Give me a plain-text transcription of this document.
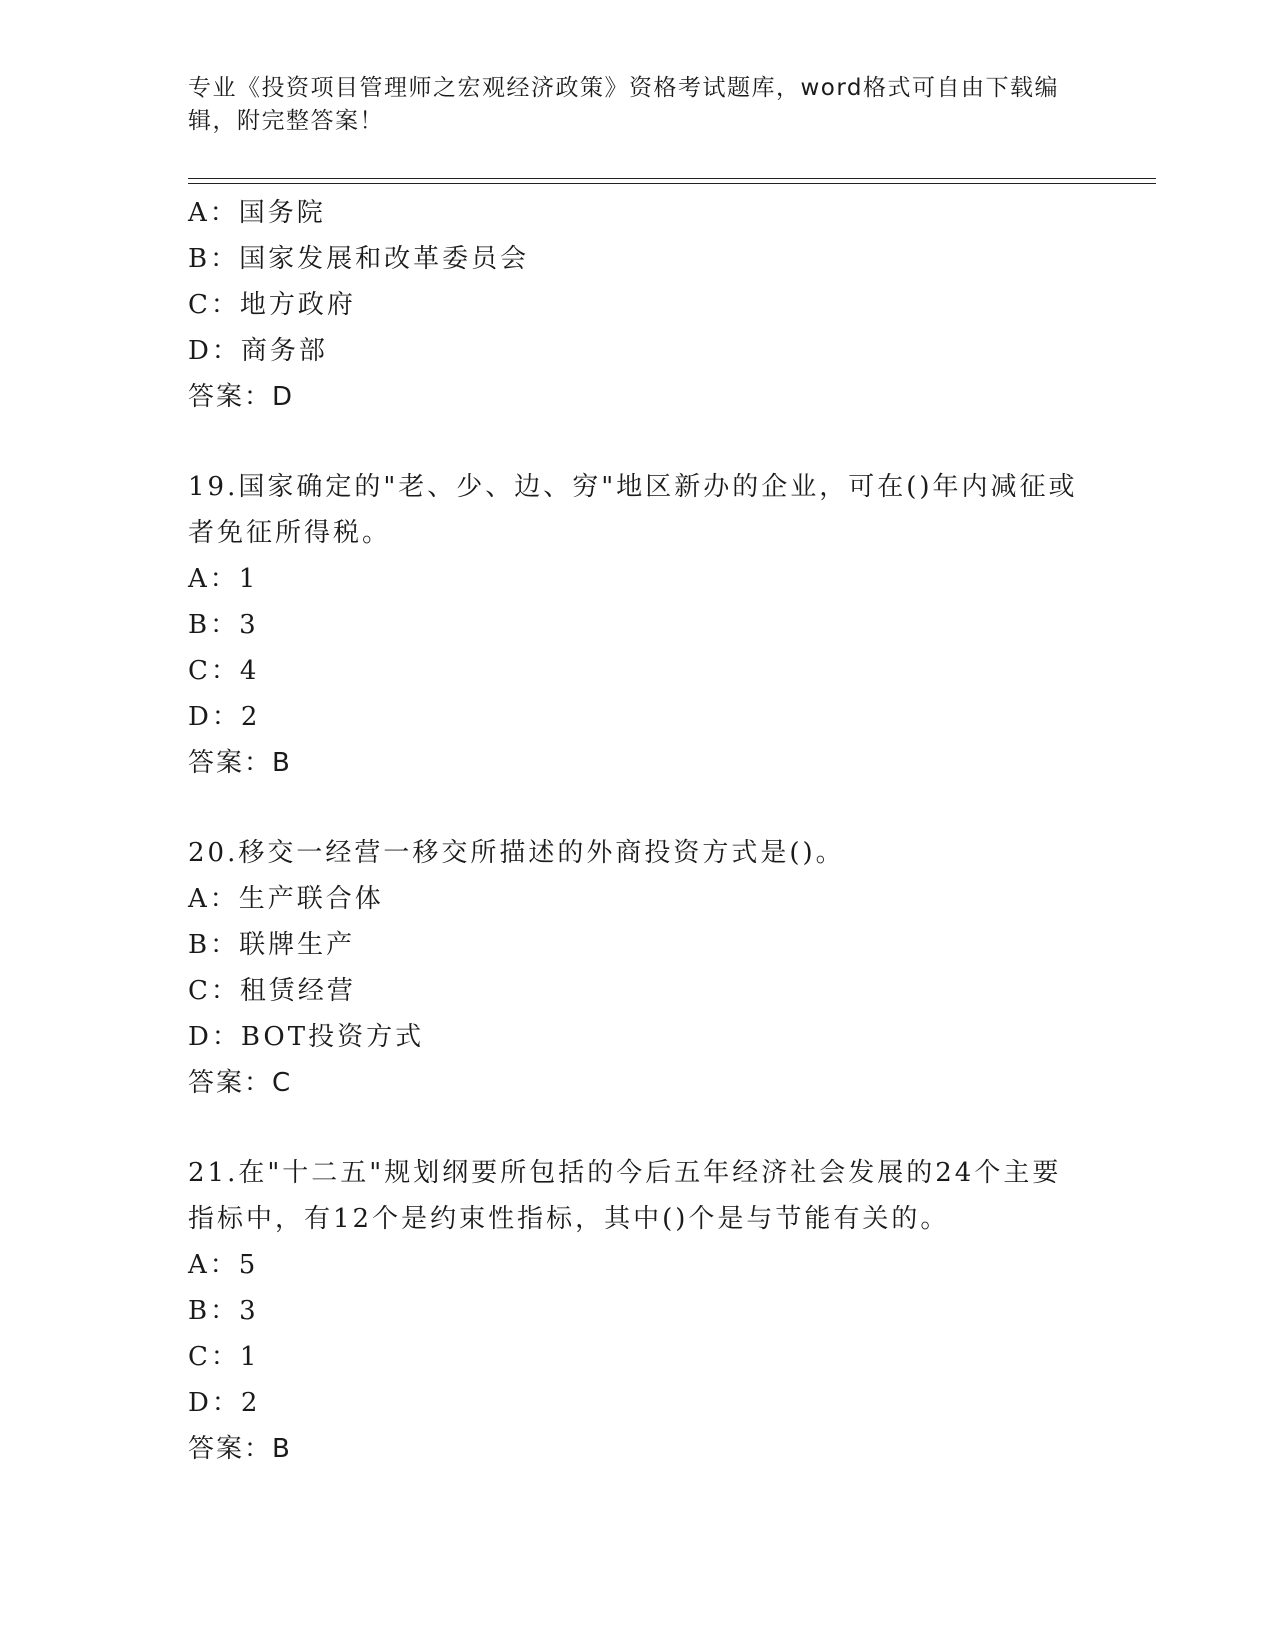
专业《投资项目管理师之宏观经济政策》资格考试题库，word格式可自由下载编辑，附完整答案！
A：国务院
B：国家发展和改革委员会
C：地方政府
D：商务部
答案：D
19.国家确定的"老、少、边、穷"地区新办的企业，可在()年内减征或者免征所得税。
A：1
B：3
C：4
D：2
答案：B
20.移交一经营一移交所描述的外商投资方式是()。
A：生产联合体
B：联牌生产
C：租赁经营
D：BOT投资方式
答案：C
21.在"十二五"规划纲要所包括的今后五年经济社会发展的24个主要指标中，有12个是约束性指标，其中()个是与节能有关的。
A：5
B：3
C：1
D：2
答案：B
